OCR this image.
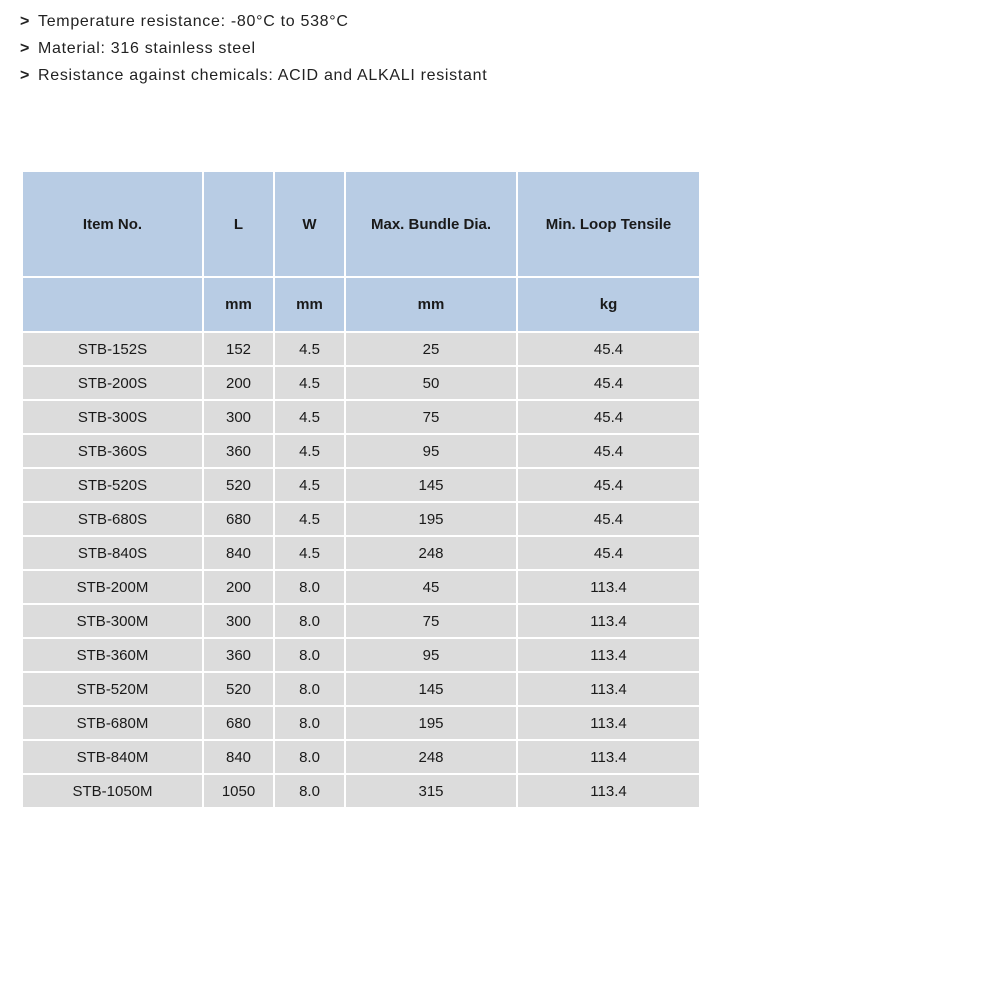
> Temperature resistance: -80°C to 538°C
> Material: 316 stainless steel
> Resistance against chemicals: ACID and ALKALI resistant
Item No.	L	W	Max. Bundle Dia.	Min. Loop Tensile
	mm	mm	mm	kg
STB-152S	152	4.5	25	45.4
STB-200S	200	4.5	50	45.4
STB-300S	300	4.5	75	45.4
STB-360S	360	4.5	95	45.4
STB-520S	520	4.5	145	45.4
STB-680S	680	4.5	195	45.4
STB-840S	840	4.5	248	45.4
STB-200M	200	8.0	45	113.4
STB-300M	300	8.0	75	113.4
STB-360M	360	8.0	95	113.4
STB-520M	520	8.0	145	113.4
STB-680M	680	8.0	195	113.4
STB-840M	840	8.0	248	113.4
STB-1050M	1050	8.0	315	113.4
